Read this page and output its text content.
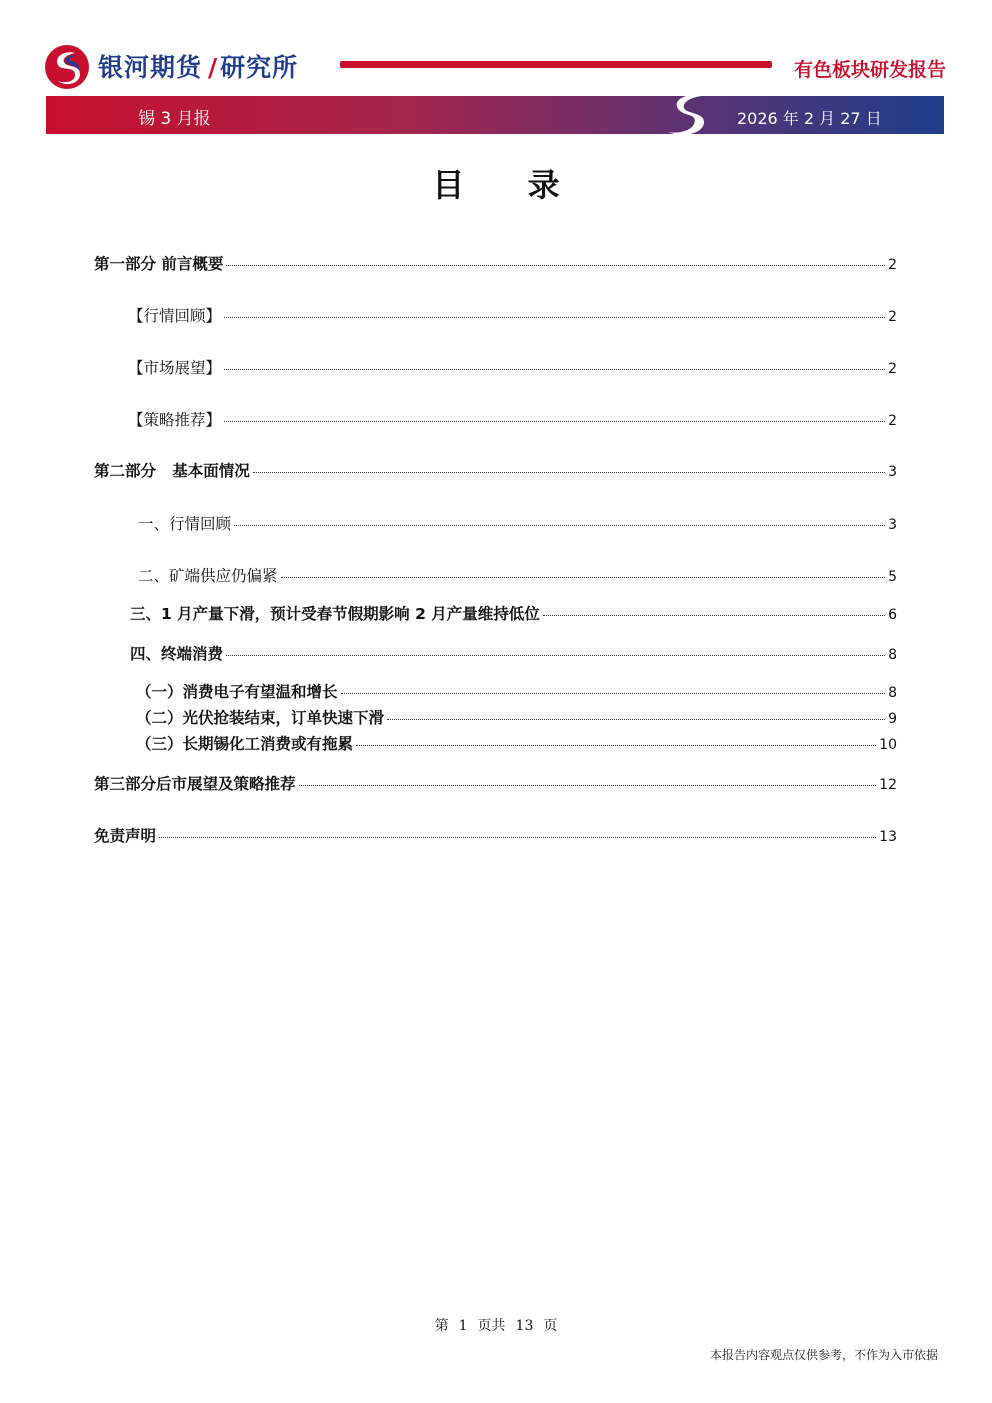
银河期货 /研究所	有色板块研发报告
锡 3 月报	2026 年 2 月 27 日
目 录
第一部分 前言概要	2
【行情回顾】	2
【市场展望】	2
【策略推荐】	2
第二部分   基本面情况	3
一、行情回顾	3
二、矿端供应仍偏紧	5
三、1 月产量下滑，预计受春节假期影响 2 月产量维持低位	6
四、终端消费	8
（一）消费电子有望温和增长	8
（二）光伏抢装结束，订单快速下滑	9
（三）长期锡化工消费或有拖累	10
第三部分后市展望及策略推荐	12
免责声明	13
第 1 页共 13 页
本报告内容观点仅供参考，不作为入市依据
